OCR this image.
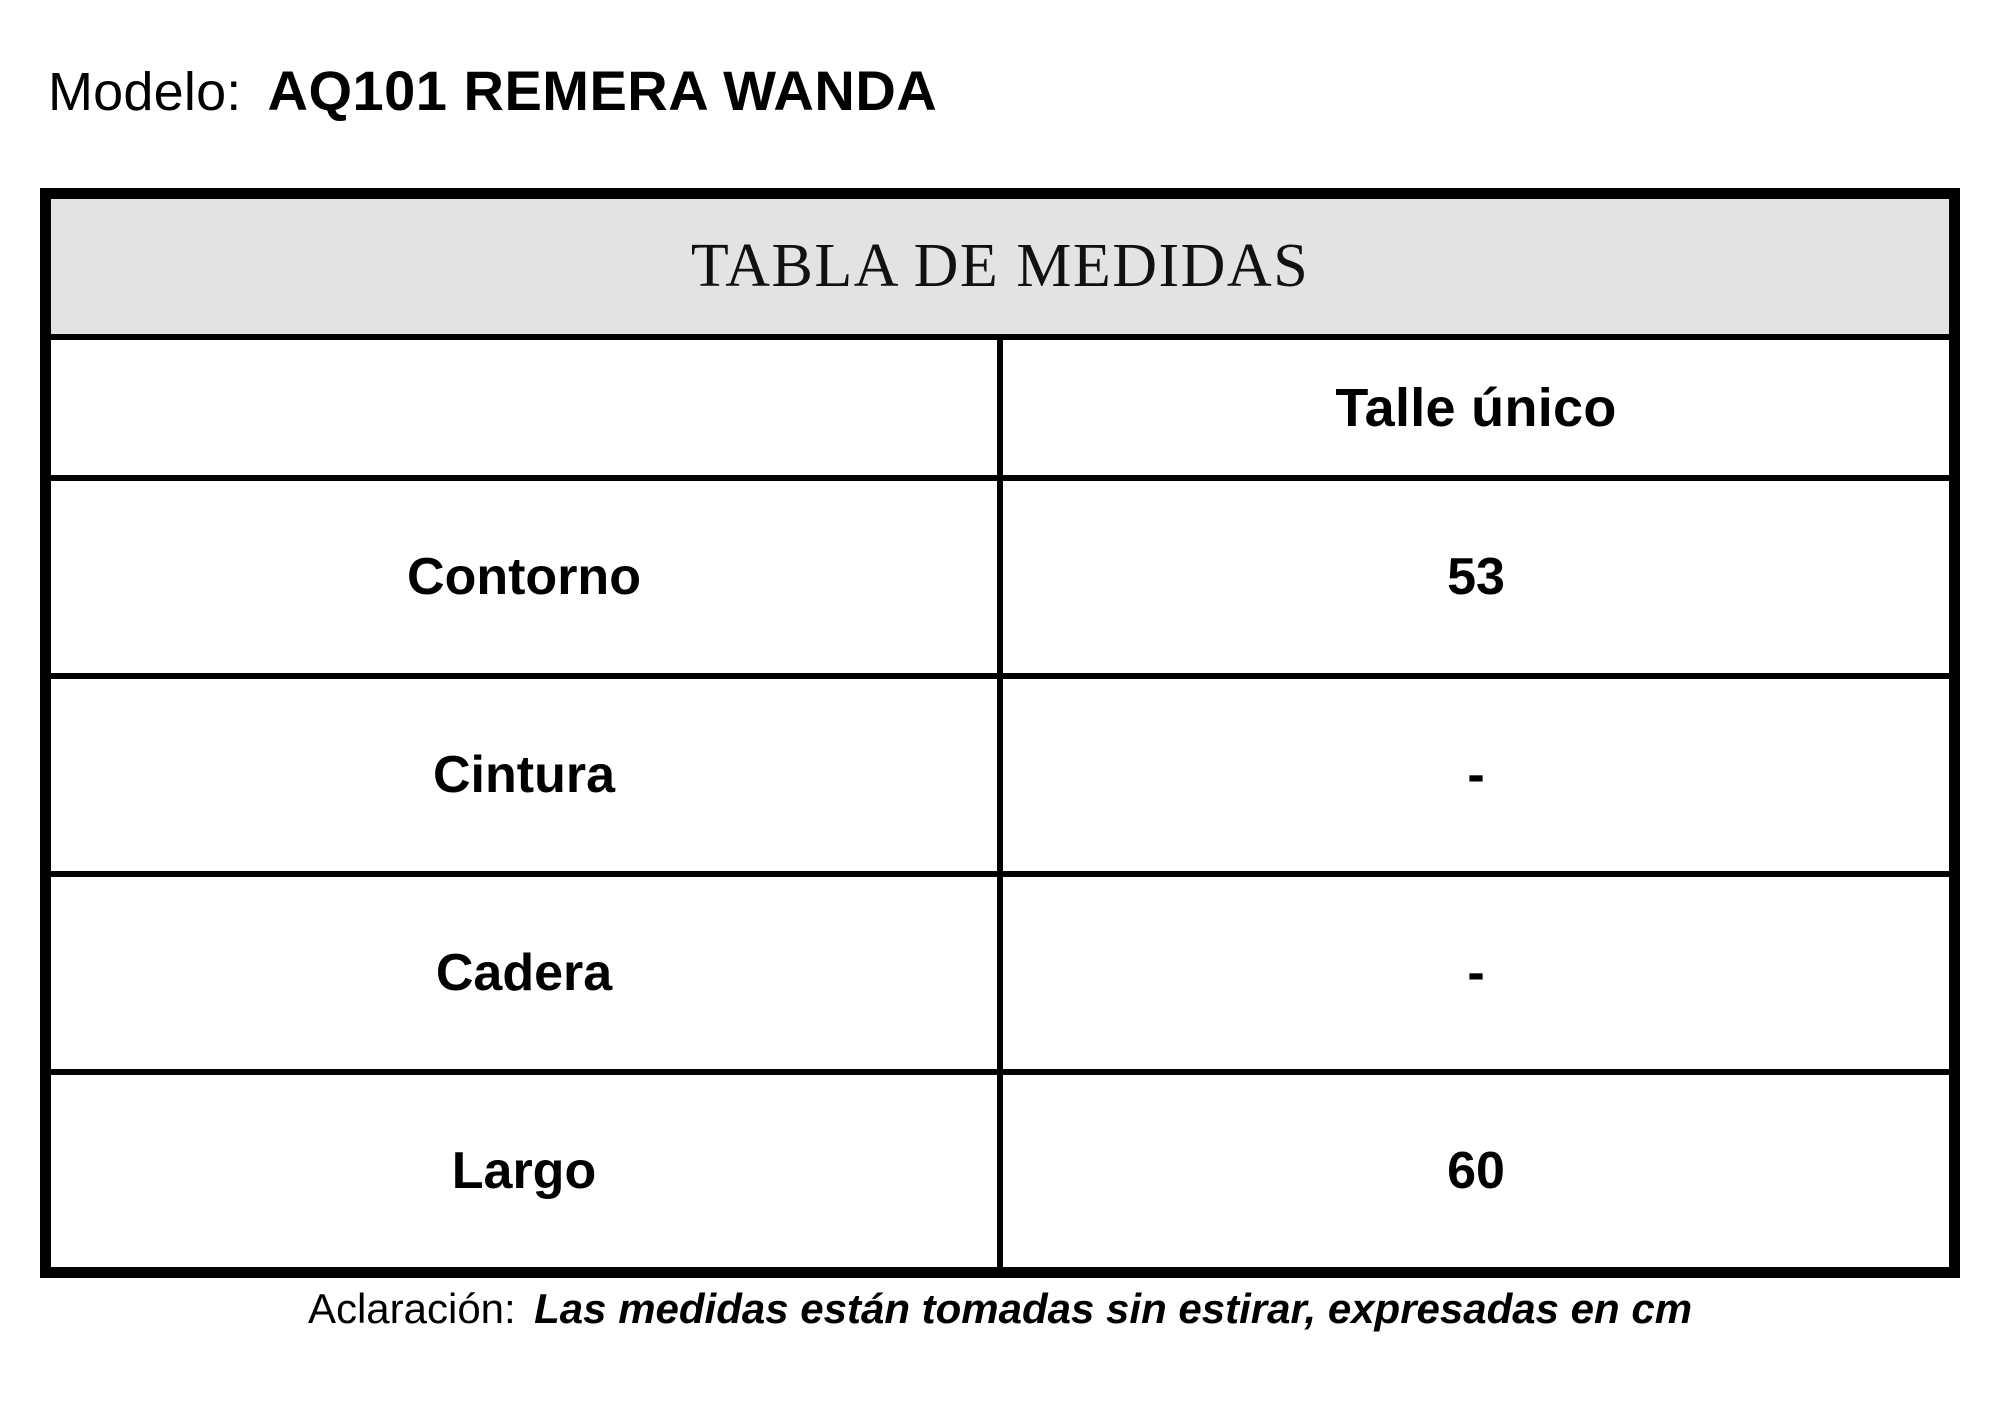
Modelo: AQ101 REMERA WANDA
TABLA DE MEDIDAS	
	Talle único
Contorno	53
Cintura	-
Cadera	-
Largo	60
Aclaración: Las medidas están tomadas sin estirar, expresadas en cm
